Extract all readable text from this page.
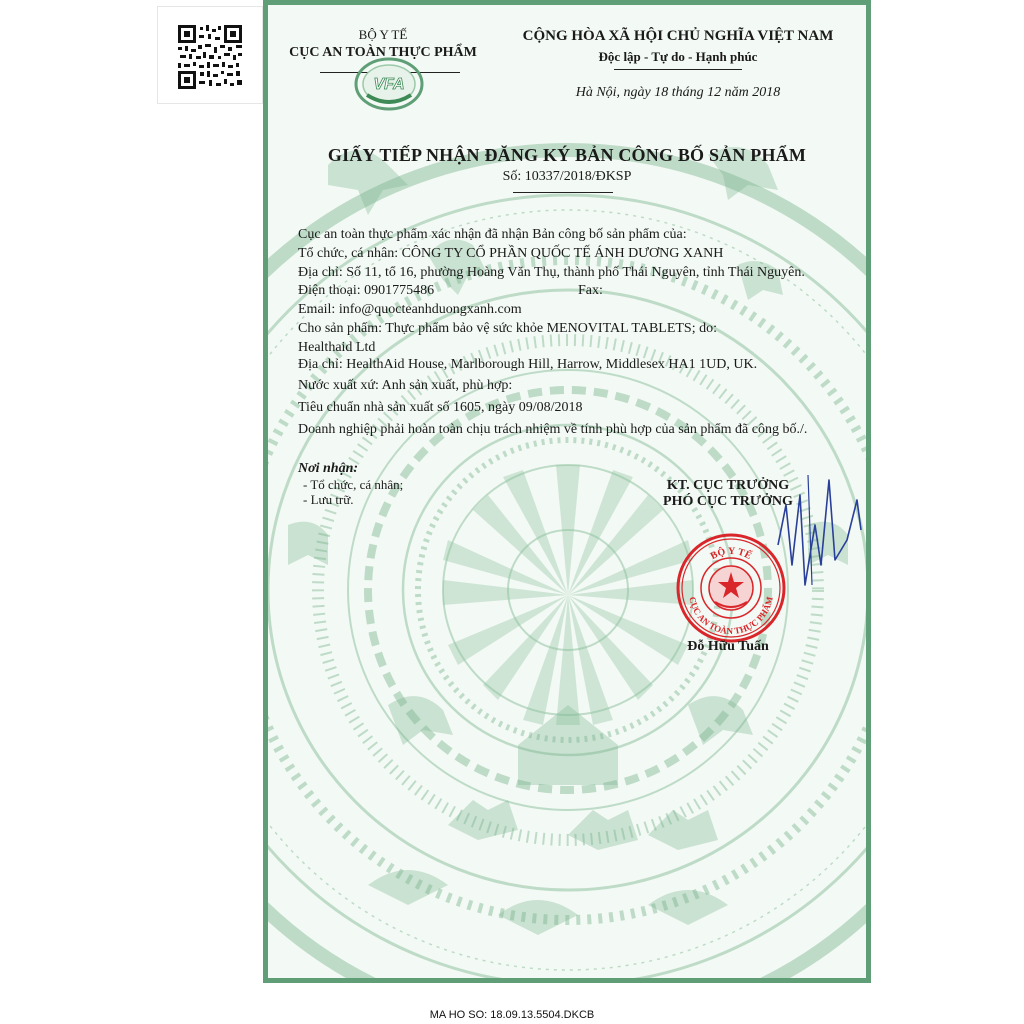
BỘ Y TẾ
CỤC AN TOÀN THỰC PHẨM
VFA
CỘNG HÒA XÃ HỘI CHỦ NGHĨA VIỆT NAM
Độc lập - Tự do - Hạnh phúc
Hà Nội, ngày 18 tháng 12 năm 2018
GIẤY TIẾP NHẬN ĐĂNG KÝ BẢN CÔNG BỐ SẢN PHẨM
Số: 10337/2018/ĐKSP
Cục an toàn thực phẩm xác nhận đã nhận Bản công bố sản phẩm của:
Tổ chức, cá nhân: CÔNG TY CỔ PHẦN QUỐC TẾ ÁNH DƯƠNG XANH
Địa chỉ: Số 11, tổ 16, phường Hoàng Văn Thụ, thành phố Thái Nguyên, tỉnh Thái Nguyên.
Điện thoại: 0901775486	Fax:
Email: info@quocteanhduongxanh.com
Cho sản phẩm: Thực phẩm bảo vệ sức khỏe MENOVITAL TABLETS; do:
Healthaid Ltd
Địa chỉ: HealthAid House, Marlborough Hill, Harrow, Middlesex HA1 1UD, UK.
Nước xuất xứ: Anh sản xuất, phù hợp:
Tiêu chuẩn nhà sản xuất số 1605, ngày 09/08/2018
Doanh nghiệp phải hoàn toàn chịu trách nhiệm về tính phù hợp của sản phẩm đã công bố./.
Nơi nhận:
- Tổ chức, cá nhân;
- Lưu trữ.
KT. CỤC TRƯỞNG
PHÓ CỤC TRƯỞNG
BỘ Y TẾ
CỤC AN TOÀN THỰC PHẨM
Đỗ Hữu Tuấn
MA HO SO: 18.09.13.5504.DKCB
